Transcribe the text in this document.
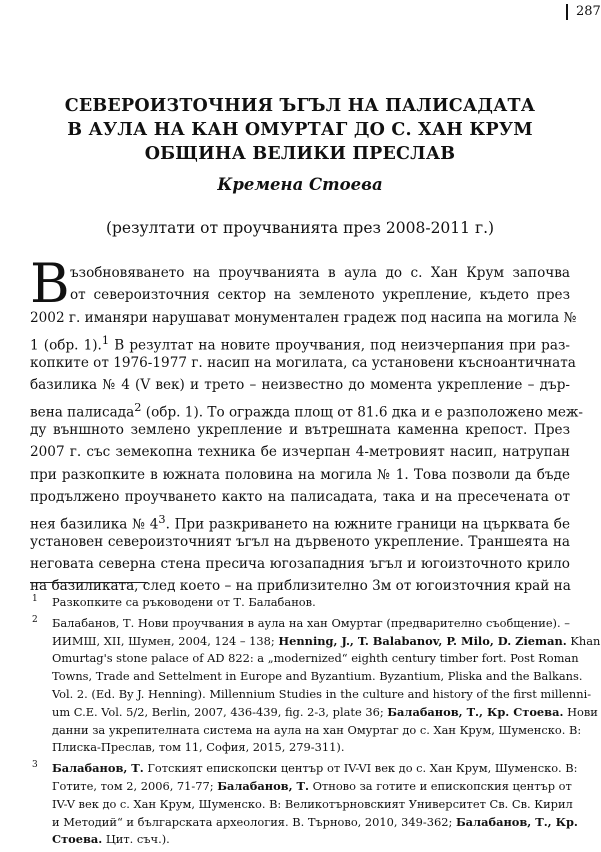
287
СЕВЕРОИЗТОЧНИЯ ЪГЪЛ НА ПАЛИСАДАТА
В АУЛА НА КАН ОМУРТАГ ДО С. ХАН КРУМ
ОБЩИНА ВЕЛИКИ ПРЕСЛАВ
Кремена Стоева
(резултати от проучванията през 2008-2011 г.)
В ъзобновяването на проучванията в аула до с. Хан Крум започва
от североизточния сектор на земленото укрепление, където през
2002 г. иманяри нарушават монументален градеж под насипа на могила №
1 (обр. 1).$^1$ В резултат на новите проучвания, под неизчерпания при раз-
копките от 1976-1977 г. насип на могилата, са установени късноантичната
базилика № 4 (V век) и трето – неизвестно до момента укрепление – дър-
вена палисада$^2$ (обр. 1). То огражда площ от 81.6 дка и е разположено меж-
ду външното землено укрепление и вътрешната каменна крепост. През
2007 г. със земекопна техника бе изчерпан 4-метровият насип, натрупан
при разкопките в южната половина на могила № 1. Това позволи да бъде
продължено проучването както на палисадата, така и на пресечената от
нея базилика № $4^3$. При разкриването на южните граници на църквата бе
установен североизточният ъгъл на дървеното укрепление. Траншеята на
неговата северна стена пресича югозападния ъгъл и югоизточното крило
на базиликата, след което – на приблизително 3м от югоизточния край на
1 Разкопките са ръководени от Т. Балабанов.
2 Балабанов, Т. Нови проучвания в аула на хан Омуртаг (предварително съобщение). –
ИИМШ, XII, Шумен, 2004, 124 – 138; Henning, J., T. Balabanov, P. Milo, D. Zieman. Khan
Omurtag's stone palace of AD 822: a „modernized“ eighth century timber fort. Post Roman
Towns, Trade and Settelment in Europe and Byzantium. Byzantium, Pliska and the Balkans.
Vol. 2. (Ed. By J. Henning). Millennium Studies in the culture and history of the first millenni-
um C.E. Vol. 5/2, Berlin, 2007, 436-439, fig. 2-3, plate 36; Балабанов, Т., Кр. Стоева. Нови
данни за укрепителната система на аула на хан Омуртаг до с. Хан Крум, Шуменско. В:
Плиска-Преслав, том 11, София, 2015, 279-311).
3 Балабанов, Т. Готският епископски център от IV-VI век до с. Хан Крум, Шуменско. В:
Готите, том 2, 2006, 71-77; Балабанов, Т. Отново за готите и епископския център от
IV-V век до с. Хан Крум, Шуменско. В: Великотърновският Университет Св. Св. Кирил
и Методий“ и българската археология. В. Търново, 2010, 349-362; Балабанов, Т., Кр.
Стоева. Цит. съч.).
